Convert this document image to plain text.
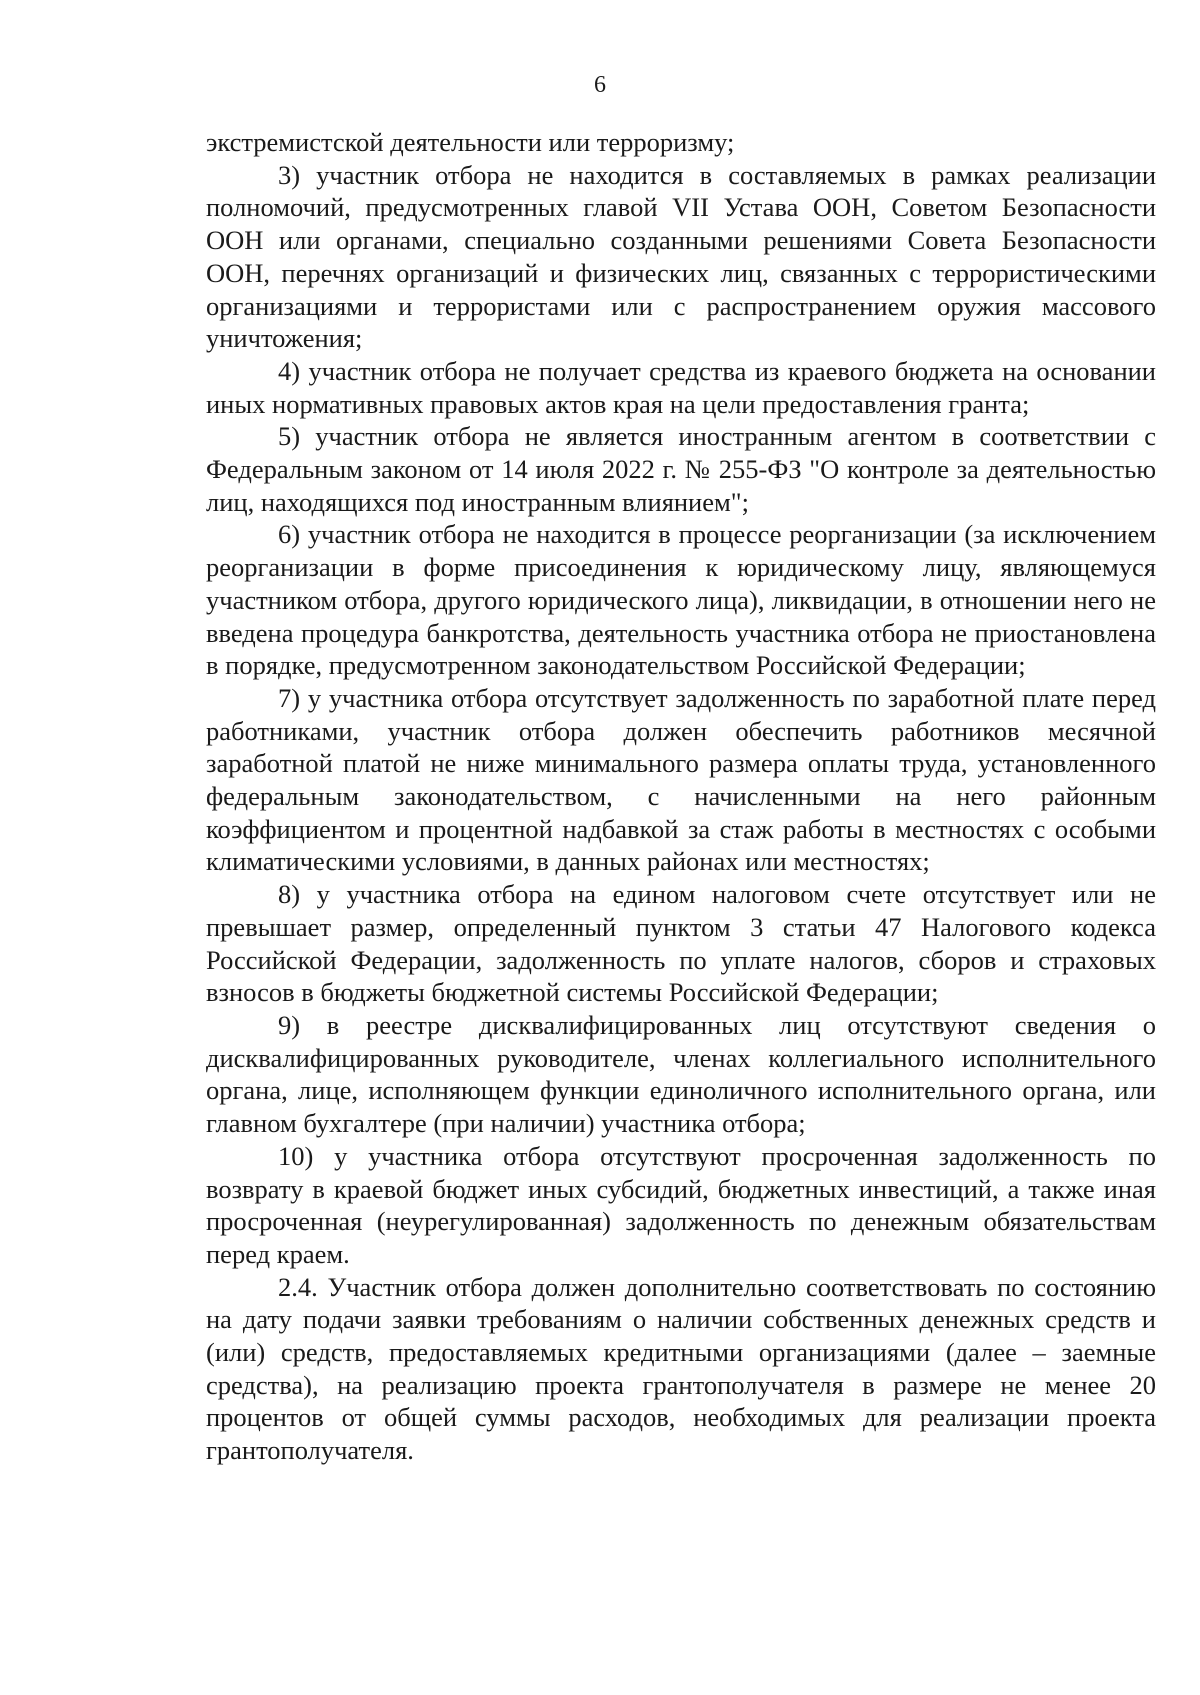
6

экстремистской деятельности или терроризму;

3) участник отбора не находится в составляемых в рамках реализации полномочий, предусмотренных главой VII Устава ООН, Советом Безопасности ООН или органами, специально созданными решениями Совета Безопасности ООН, перечнях организаций и физических лиц, связанных с террористическими организациями и террористами или с распространением оружия массового уничтожения;

4) участник отбора не получает средства из краевого бюджета на основании иных нормативных правовых актов края на цели предоставления гранта;

5) участник отбора не является иностранным агентом в соответствии с Федеральным законом от 14 июля 2022 г. № 255-ФЗ "О контроле за деятельностью лиц, находящихся под иностранным влиянием";

6) участник отбора не находится в процессе реорганизации (за исключением реорганизации в форме присоединения к юридическому лицу, являющемуся участником отбора, другого юридического лица), ликвидации, в отношении него не введена процедура банкротства, деятельность участника отбора не приостановлена в порядке, предусмотренном законодательством Российской Федерации;

7) у участника отбора отсутствует задолженность по заработной плате перед работниками, участник отбора должен обеспечить работников месячной заработной платой не ниже минимального размера оплаты труда, установленного федеральным законодательством, с начисленными на него районным коэффициентом и процентной надбавкой за стаж работы в местностях с особыми климатическими условиями, в данных районах или местностях;

8) у участника отбора на едином налоговом счете отсутствует или не превышает размер, определенный пунктом 3 статьи 47 Налогового кодекса Российской Федерации, задолженность по уплате налогов, сборов и страховых взносов в бюджеты бюджетной системы Российской Федерации;

9) в реестре дисквалифицированных лиц отсутствуют сведения о дисквалифицированных руководителе, членах коллегиального исполнительного органа, лице, исполняющем функции единоличного исполнительного органа, или главном бухгалтере (при наличии) участника отбора;

10) у участника отбора отсутствуют просроченная задолженность по возврату в краевой бюджет иных субсидий, бюджетных инвестиций, а также иная просроченная (неурегулированная) задолженность по денежным обязательствам перед краем.

2.4. Участник отбора должен дополнительно соответствовать по состоянию на дату подачи заявки требованиям о наличии собственных денежных средств и (или) средств, предоставляемых кредитными организациями (далее – заемные средства), на реализацию проекта грантополучателя в размере не менее 20 процентов от общей суммы расходов, необходимых для реализации проекта грантополучателя.
